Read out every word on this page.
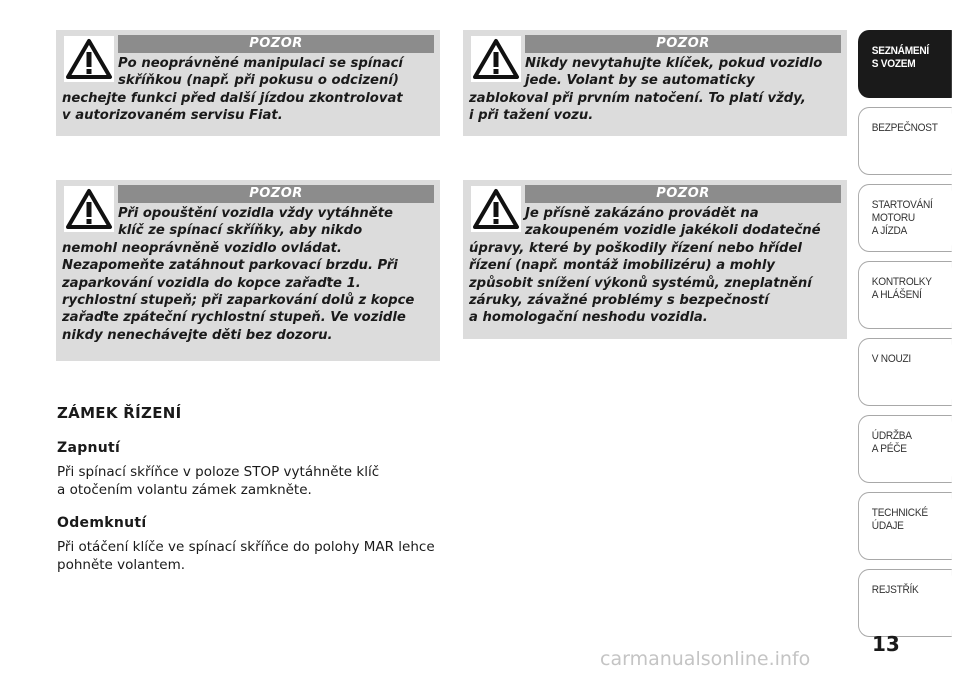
POZOR
Po neoprávněné manipulaci se spínací
skříňkou (např. při pokusu o odcizení)
nechejte funkci před další jízdou zkontrolovat
v autorizovaném servisu Fiat.
POZOR
Nikdy nevytahujte klíček, pokud vozidlo
jede. Volant by se automaticky
zablokoval při prvním natočení. To platí vždy,
i při tažení vozu.
POZOR
Při opouštění vozidla vždy vytáhněte
klíč ze spínací skříňky, aby nikdo
nemohl neoprávněně vozidlo ovládat.
Nezapomeňte zatáhnout parkovací brzdu. Při
zaparkování vozidla do kopce zařaďte 1.
rychlostní stupeň; při zaparkování dolů z kopce
zařaďte zpáteční rychlostní stupeň. Ve vozidle
nikdy nenechávejte děti bez dozoru.
POZOR
Je přísně zakázáno provádět na
zakoupeném vozidle jakékoli dodatečné
úpravy, které by poškodily řízení nebo hřídel
řízení (např. montáž imobilizéru) a mohly
způsobit snížení výkonů systémů, zneplatnění
záruky, závažné problémy s bezpečností
a homologační neshodu vozidla.
ZÁMEK ŘÍZENÍ
Zapnutí

Při spínací skříňce v poloze STOP vytáhněte klíč
a otočením volantu zámek zamkněte.

Odemknutí

Při otáčení klíče ve spínací skříňce do polohy MAR lehce
pohněte volantem.

SEZNÁMENÍ
S VOZEM
BEZPEČNOST
STARTOVÁNÍ
MOTORU
A JÍZDA
KONTROLKY
A HLÁŠENÍ
V NOUZI
ÚDRŽBA
A PÉČE
TECHNICKÉ
ÚDAJE
REJSTŘÍK
13
carmanualsonline.info
